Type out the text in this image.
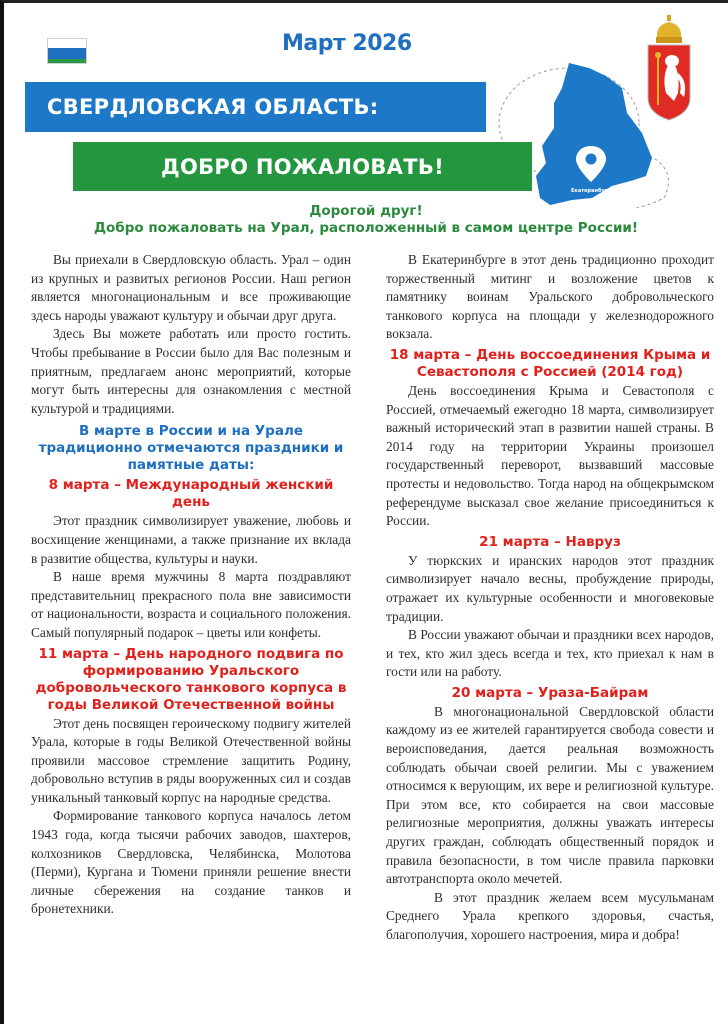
Март 2026
Екатеринбург
СВЕРДЛОВСКАЯ ОБЛАСТЬ:
ДОБРО ПОЖАЛОВАТЬ!
Дорогой друг!
Добро пожаловать на Урал, расположенный в самом центре России!

Вы приехали в Свердловскую область. Урал – один из крупных и развитых регионов России. Наш регион является многонациональным и все проживающие здесь народы уважают культуру и обычаи друг друга.

Здесь Вы можете работать или просто гостить. Чтобы пребывание в России было для Вас полезным и приятным, предлагаем анонс мероприятий, которые могут быть интересны для ознакомления с местной культурой и традициями.

В марте в России и на Урале традиционно отмечаются праздники и памятные даты:
8 марта – Международный женский день

Этот праздник символизирует уважение, любовь и восхищение женщинами, а также признание их вклада в развитие общества, культуры и науки.

В наше время мужчины 8 марта поздравляют представительниц прекрасного пола вне зависимости от национальности, возраста и социального положения. Самый популярный подарок – цветы или конфеты.

11 марта – День народного подвига по формированию Уральского добровольческого танкового корпуса в годы Великой Отечественной войны

Этот день посвящен героическому подвигу жителей Урала, которые в годы Великой Отечественной войны проявили массовое стремление защитить Родину, добровольно вступив в ряды вооруженных сил и создав уникальный танковый корпус на народные средства.

Формирование танкового корпуса началось летом 1943 года, когда тысячи рабочих заводов, шахтеров, колхозников Свердловска, Челябинска, Молотова (Перми), Кургана и Тюмени приняли решение внести личные сбережения на создание танков и бронетехники.

В Екатеринбурге в этот день традиционно проходит торжественный митинг и возложение цветов к памятнику воинам Уральского добровольческого танкового корпуса на площади у железнодорожного вокзала.

18 марта – День воссоединения Крыма и Севастополя с Россией (2014 год)

День воссоединения Крыма и Севастополя с Россией, отмечаемый ежегодно 18 марта, символизирует важный исторический этап в развитии нашей страны. В 2014 году на территории Украины произошел государственный переворот, вызвавший массовые протесты и недовольство. Тогда народ на общекрымском референдуме высказал свое желание присоединиться к России.

21 марта – Навруз

У тюркских и иранских народов этот праздник символизирует начало весны, пробуждение природы, отражает их культурные особенности и многовековые традиции.

В России уважают обычаи и праздники всех народов, и тех, кто жил здесь всегда и тех, кто приехал к нам в гости или на работу.

20 марта – Ураза-Байрам

В многонациональной Свердловской области каждому из ее жителей гарантируется свобода совести и вероисповедания, дается реальная возможность соблюдать обычаи своей религии. Мы с уважением относимся к верующим, их вере и религиозной культуре. При этом все, кто собирается на свои массовые религиозные мероприятия, должны уважать интересы других граждан, соблюдать общественный порядок и правила безопасности, в том числе правила парковки автотранспорта около мечетей.

В этот праздник желаем всем мусульманам Среднего Урала крепкого здоровья, счастья, благополучия, хорошего настроения, мира и добра!
